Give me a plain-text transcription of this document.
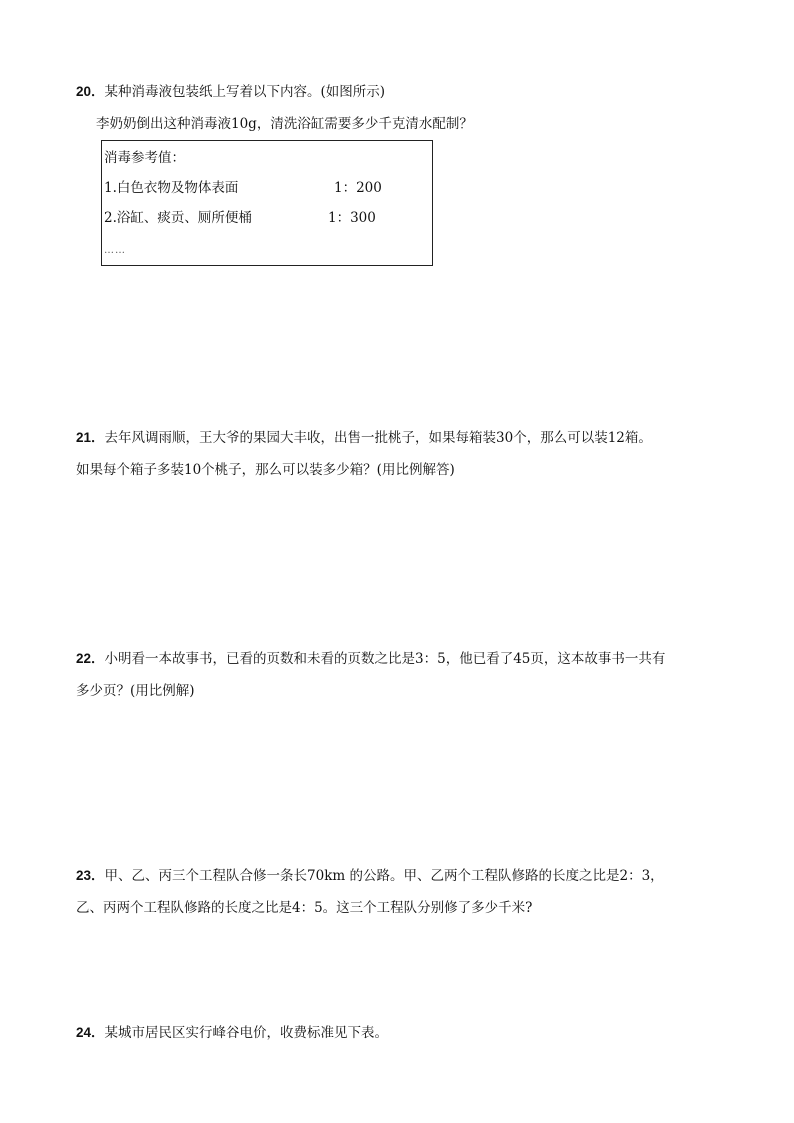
20．某种消毒液包装纸上写着以下内容。(如图所示)
李奶奶倒出这种消毒液10g，清洗浴缸需要多少千克清水配制？
消毒参考值：
1.白色衣物及物体表面	1：200
2.浴缸、痰贡、厕所便桶	1：300
……
21．去年风调雨顺，王大爷的果园大丰收，出售一批桃子，如果每箱装30个，那么可以装12箱。
如果每个箱子多装10个桃子，那么可以装多少箱？(用比例解答)
22．小明看一本故事书，已看的页数和未看的页数之比是3：5，他已看了45页，这本故事书一共有
多少页？(用比例解)
23．甲、乙、丙三个工程队合修一条长70km 的公路。甲、乙两个工程队修路的长度之比是2：3，
乙、丙两个工程队修路的长度之比是4：5。这三个工程队分别修了多少千米?
24．某城市居民区实行峰谷电价，收费标准见下表。
